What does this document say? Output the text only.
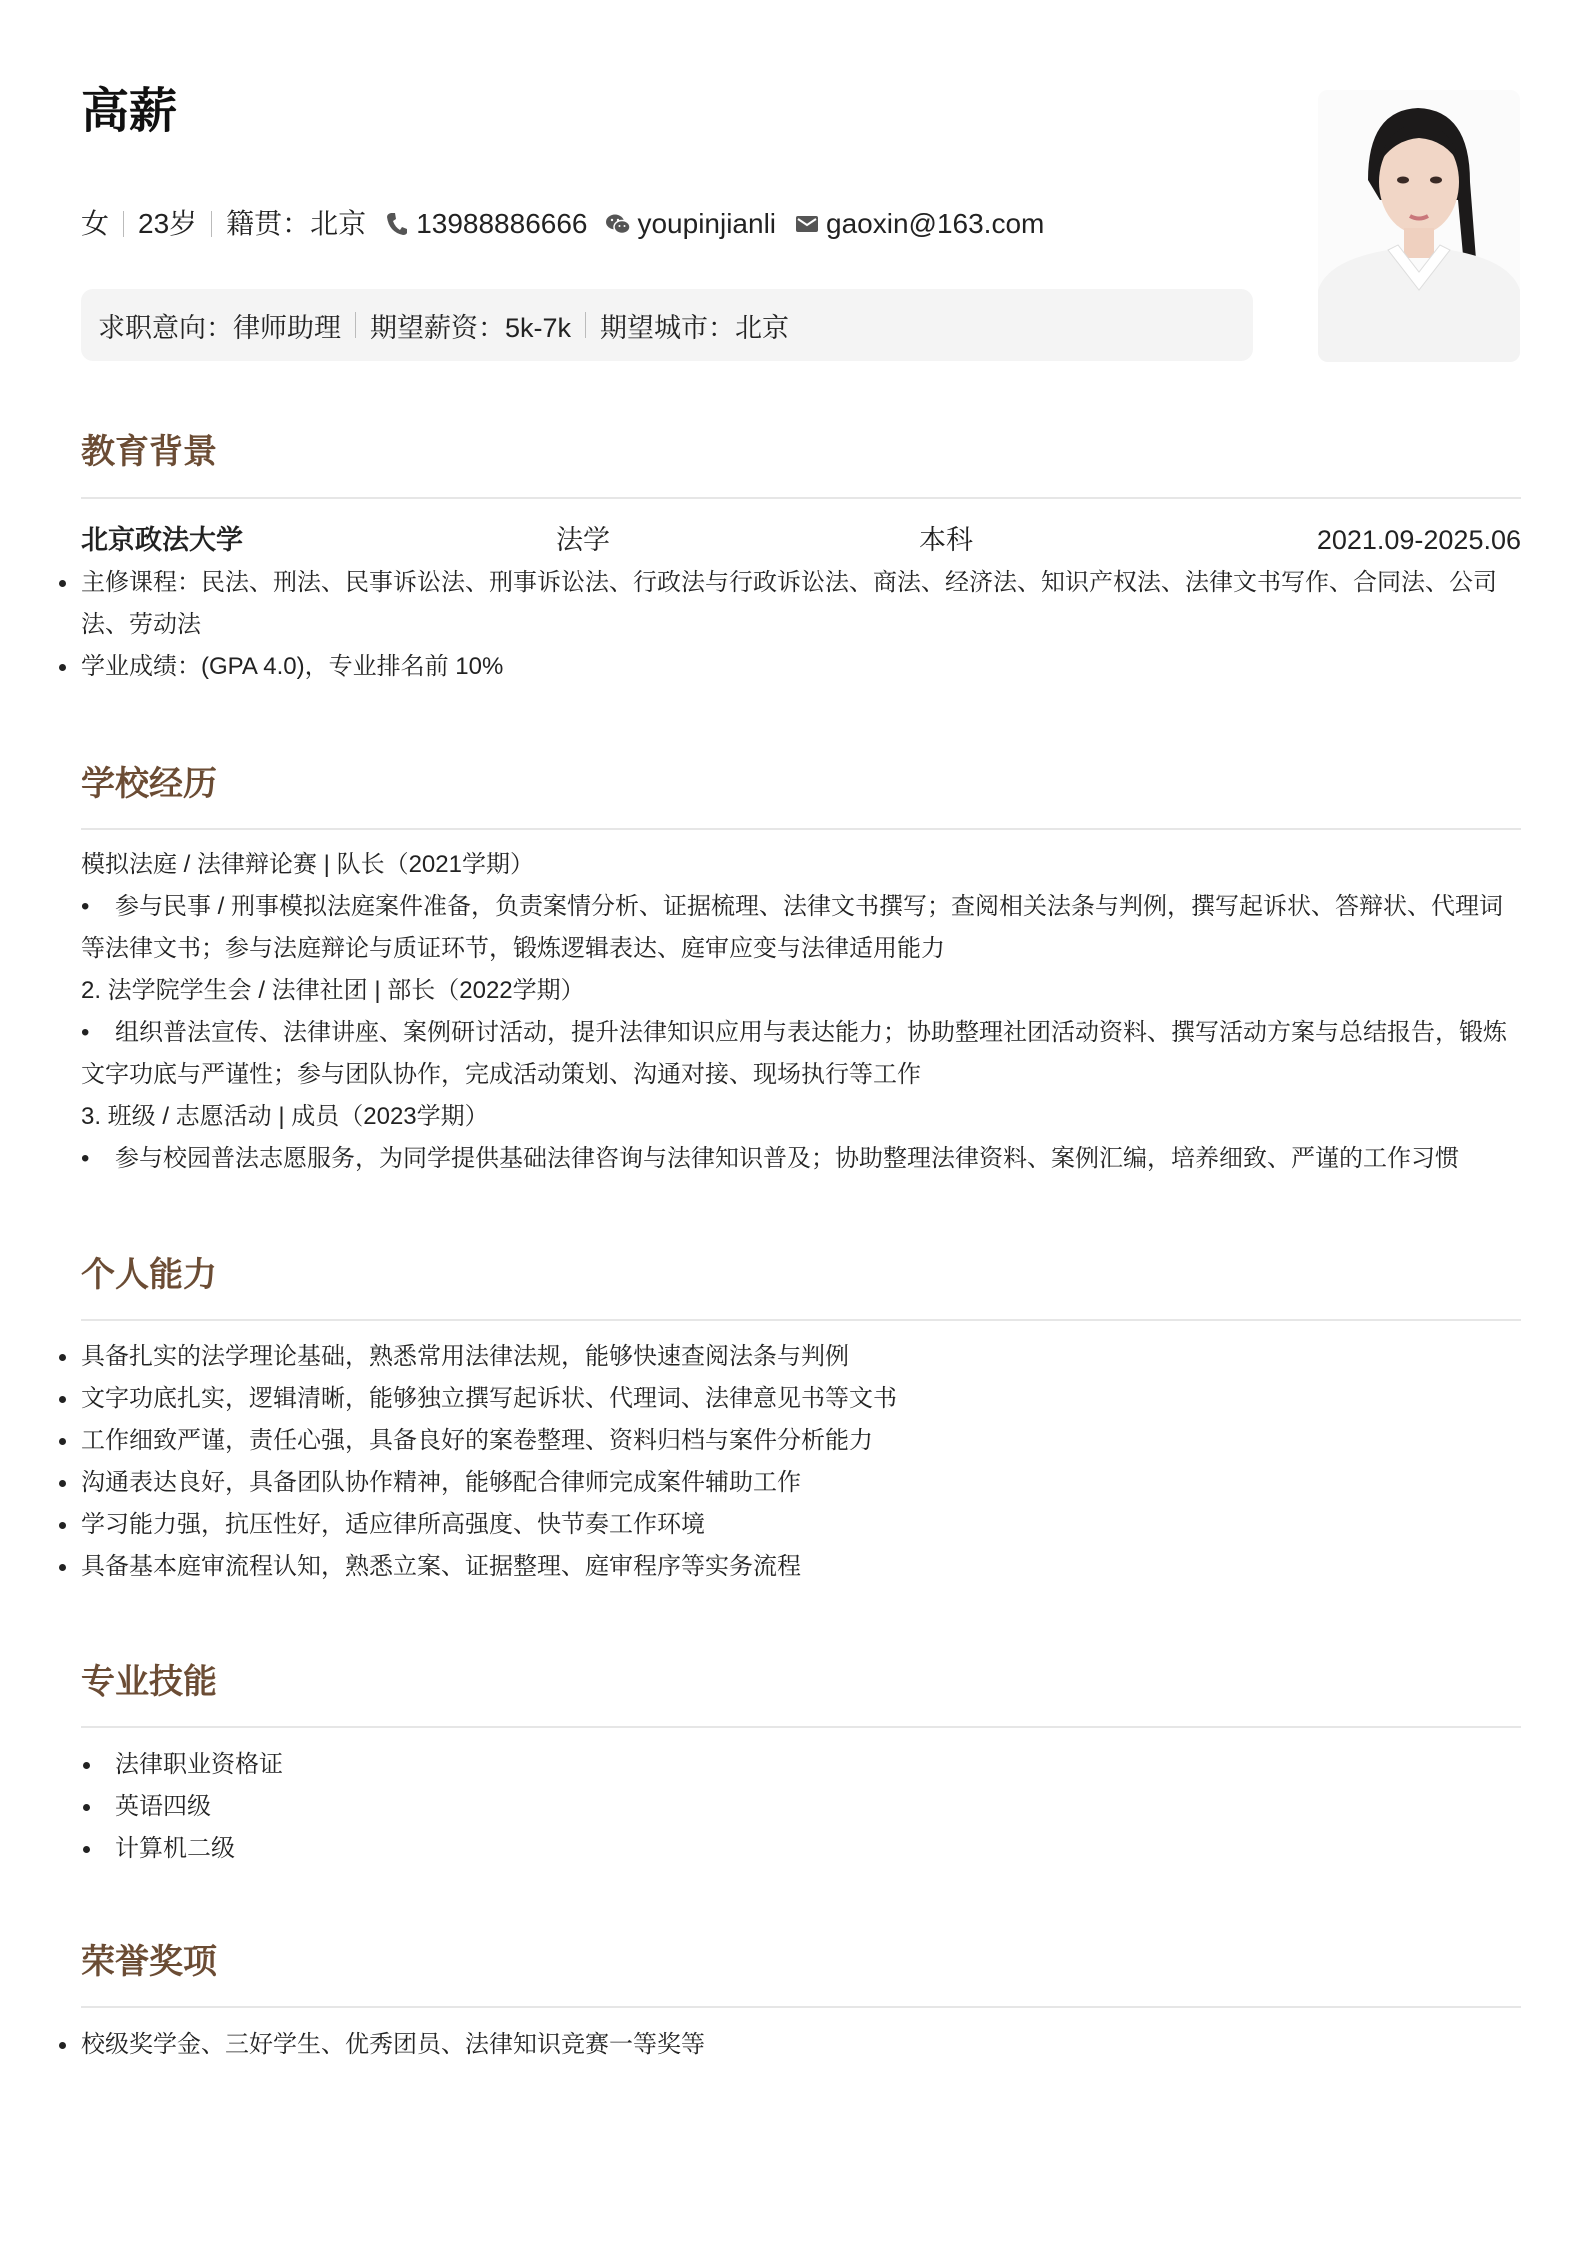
高薪
女 23岁 籍贯：北京 13988886666 youpinjianli gaoxin@163.com
求职意向：律师助理 期望薪资：5k-7k 期望城市：北京
教育背景
北京政法大学	法学	本科	2021.09-2025.06
主修课程：民法、刑法、民事诉讼法、刑事诉讼法、行政法与行政诉讼法、商法、经济法、知识产权法、法律文书写作、合同法、公司法、劳动法
学业成绩：(GPA 4.0)，专业排名前 10%
学校经历

模拟法庭 / 法律辩论赛 | 队长（2021学期）

• 参与民事 / 刑事模拟法庭案件准备，负责案情分析、证据梳理、法律文书撰写；查阅相关法条与判例，撰写起诉状、答辩状、代理词等法律文书；参与法庭辩论与质证环节，锻炼逻辑表达、庭审应变与法律适用能力

2. 法学院学生会 / 法律社团 | 部长（2022学期）

• 组织普法宣传、法律讲座、案例研讨活动，提升法律知识应用与表达能力；协助整理社团活动资料、撰写活动方案与总结报告，锻炼文字功底与严谨性；参与团队协作，完成活动策划、沟通对接、现场执行等工作

3. 班级 / 志愿活动 | 成员（2023学期）

• 参与校园普法志愿服务，为同学提供基础法律咨询与法律知识普及；协助整理法律资料、案例汇编，培养细致、严谨的工作习惯

个人能力
具备扎实的法学理论基础，熟悉常用法律法规，能够快速查阅法条与判例
文字功底扎实，逻辑清晰，能够独立撰写起诉状、代理词、法律意见书等文书
工作细致严谨，责任心强，具备良好的案卷整理、资料归档与案件分析能力
沟通表达良好，具备团队协作精神，能够配合律师完成案件辅助工作
学习能力强，抗压性好，适应律所高强度、快节奏工作环境
具备基本庭审流程认知，熟悉立案、证据整理、庭审程序等实务流程
专业技能
法律职业资格证
英语四级
计算机二级
荣誉奖项
校级奖学金、三好学生、优秀团员、法律知识竞赛一等奖等
